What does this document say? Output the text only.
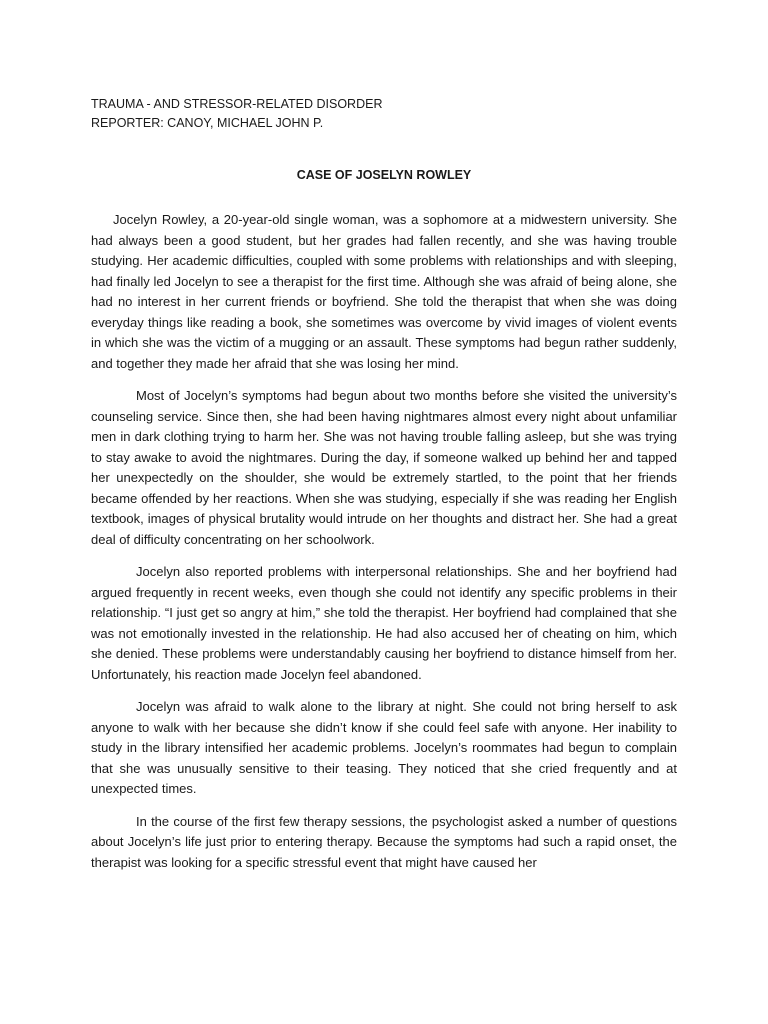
TRAUMA - AND STRESSOR-RELATED DISORDER

REPORTER: CANOY, MICHAEL JOHN P.

CASE OF JOSELYN ROWLEY

Jocelyn Rowley, a 20-year-old single woman, was a sophomore at a midwestern university. She had always been a good student, but her grades had fallen recently, and she was having trouble studying. Her academic difficulties, coupled with some problems with relationships and with sleeping, had finally led Jocelyn to see a therapist for the first time. Although she was afraid of being alone, she had no interest in her current friends or boyfriend. She told the therapist that when she was doing everyday things like reading a book, she sometimes was overcome by vivid images of violent events in which she was the victim of a mugging or an assault. These symptoms had begun rather suddenly, and together they made her afraid that she was losing her mind.

Most of Jocelyn’s symptoms had begun about two months before she visited the university’s counseling service. Since then, she had been having nightmares almost every night about unfamiliar men in dark clothing trying to harm her. She was not having trouble falling asleep, but she was trying to stay awake to avoid the nightmares. During the day, if someone walked up behind her and tapped her unexpectedly on the shoulder, she would be extremely startled, to the point that her friends became offended by her reactions. When she was studying, especially if she was reading her English textbook, images of physical brutality would intrude on her thoughts and distract her. She had a great deal of difficulty concentrating on her schoolwork.

Jocelyn also reported problems with interpersonal relationships. She and her boyfriend had argued frequently in recent weeks, even though she could not identify any specific problems in their relationship. “I just get so angry at him,” she told the therapist. Her boyfriend had complained that she was not emotionally invested in the relationship. He had also accused her of cheating on him, which she denied. These problems were understandably causing her boyfriend to distance himself from her. Unfortunately, his reaction made Jocelyn feel abandoned.

Jocelyn was afraid to walk alone to the library at night. She could not bring herself to ask anyone to walk with her because she didn’t know if she could feel safe with anyone. Her inability to study in the library intensified her academic problems. Jocelyn’s roommates had begun to complain that she was unusually sensitive to their teasing. They noticed that she cried frequently and at unexpected times.

In the course of the first few therapy sessions, the psychologist asked a number of questions about Jocelyn’s life just prior to entering therapy. Because the symptoms had such a rapid onset, the therapist was looking for a specific stressful event that might have caused her
